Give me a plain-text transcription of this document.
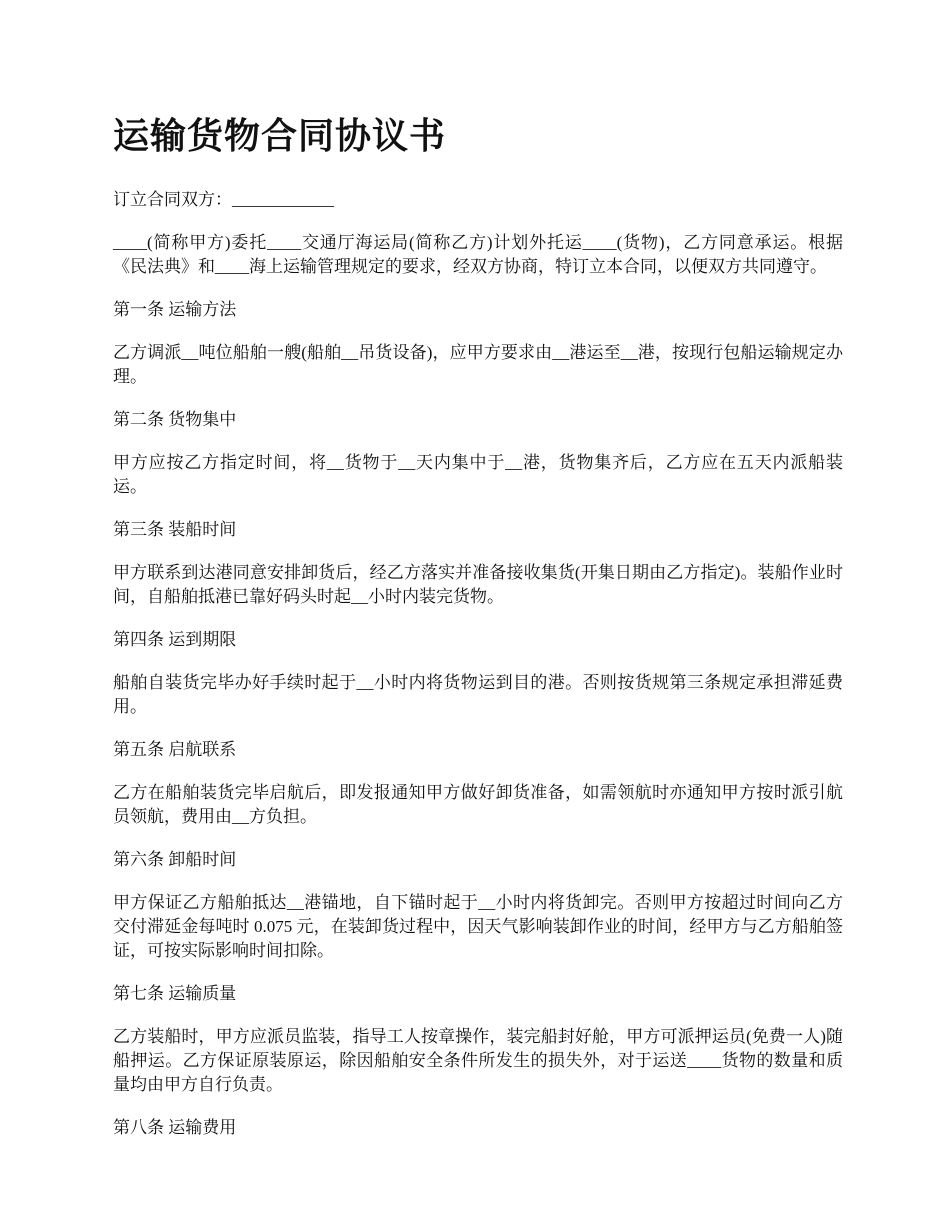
运输货物合同协议书

订立合同双方：____________

____(简称甲方)委托____交通厅海运局(简称乙方)计划外托运____(货物)，乙方同意承运。根据《民法典》和____海上运输管理规定的要求，经双方协商，特订立本合同，以便双方共同遵守。

第一条 运输方法

乙方调派__吨位船舶一艘(船舶__吊货设备)，应甲方要求由__港运至__港，按现行包船运输规定办理。

第二条 货物集中

甲方应按乙方指定时间，将__货物于__天内集中于__港，货物集齐后，乙方应在五天内派船装运。

第三条 装船时间

甲方联系到达港同意安排卸货后，经乙方落实并准备接收集货(开集日期由乙方指定)。装船作业时间，自船舶抵港已靠好码头时起__小时内装完货物。

第四条 运到期限

船舶自装货完毕办好手续时起于__小时内将货物运到目的港。否则按货规第三条规定承担滞延费用。

第五条 启航联系

乙方在船舶装货完毕启航后，即发报通知甲方做好卸货准备，如需领航时亦通知甲方按时派引航员领航，费用由__方负担。

第六条 卸船时间

甲方保证乙方船舶抵达__港锚地，自下锚时起于__小时内将货卸完。否则甲方按超过时间向乙方交付滞延金每吨时 0.075 元，在装卸货过程中，因天气影响装卸作业的时间，经甲方与乙方船舶签证，可按实际影响时间扣除。

第七条 运输质量

乙方装船时，甲方应派员监装，指导工人按章操作，装完船封好舱，甲方可派押运员(免费一人)随船押运。乙方保证原装原运，除因船舶安全条件所发生的损失外，对于运送____货物的数量和质量均由甲方自行负责。

第八条 运输费用
